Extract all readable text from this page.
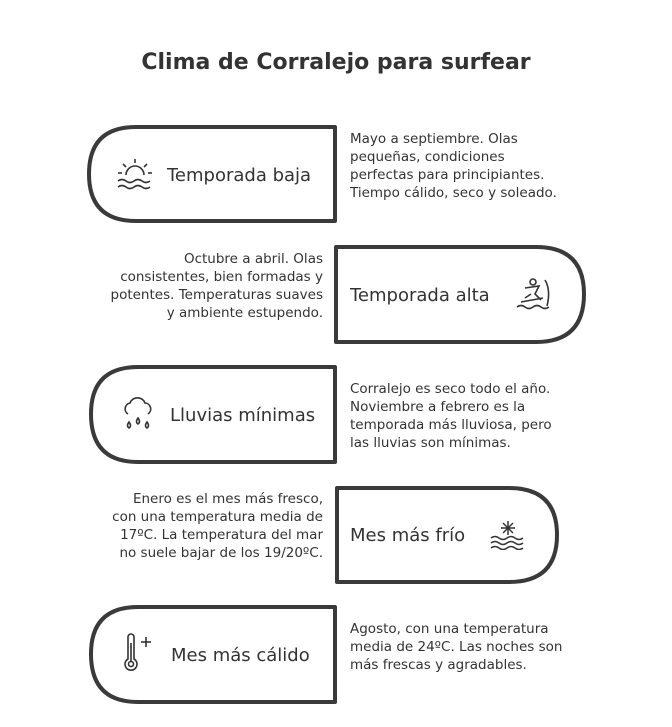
Clima de Corralejo para surfear
Temporada baja
Mayo a septiembre. Olas pequeñas, condiciones perfectas para principiantes. Tiempo cálido, seco y soleado.
Temporada alta
Octubre a abril. Olas consistentes, bien formadas y potentes. Temperaturas suaves y ambiente estupendo.
Lluvias mínimas
Corralejo es seco todo el año. Noviembre a febrero es la temporada más lluviosa, pero las lluvias son mínimas.
Mes más frío
Enero es el mes más fresco, con una temperatura media de 17ºC. La temperatura del mar no suele bajar de los 19/20ºC.
Mes más cálido
Agosto, con una temperatura media de 24ºC. Las noches son más frescas y agradables.
